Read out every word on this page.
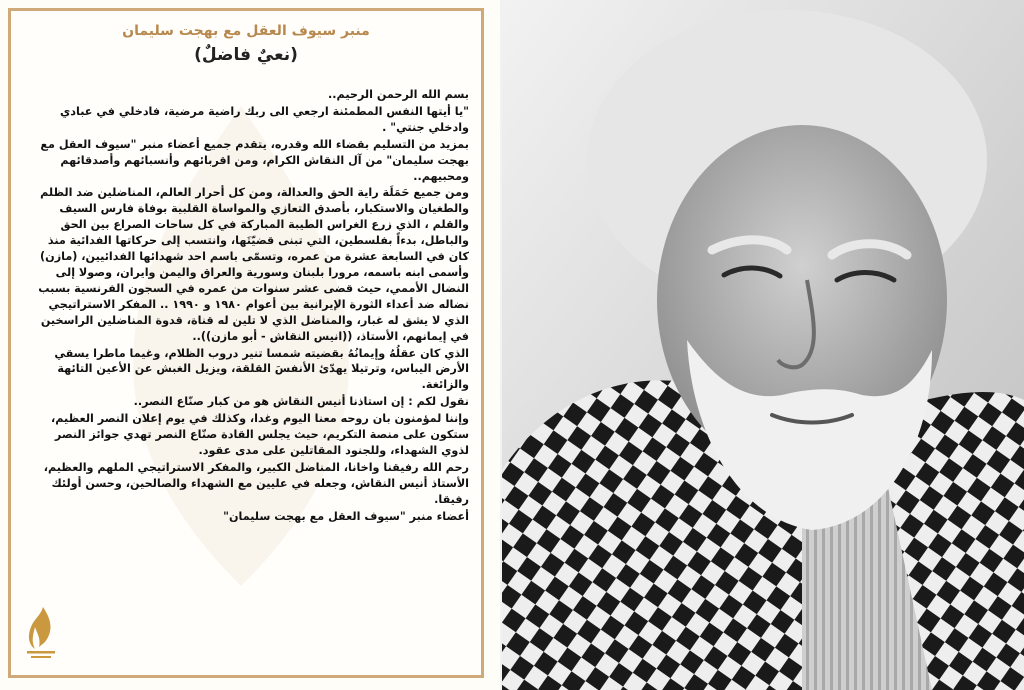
منبر سيوف العقل مع بهجت سليمان
(نعيٌ فاضلٌ)

بسم الله الرحمن الرحيم..

"يا أيتها النفس المطمئنة ارجعي الى ربك راضية مرضية، فادخلي في عبادي وادخلي جنتي" .

بمزيد من التسليم بقضاء الله وقدره، يتقدم جميع أعضاء منبر "سيوف العقل مع بهجت سليمان" من آل النقاش الكرام، ومن اقربائهم وأنسبائهم وأصدقائهم ومحبيهم..

ومن جميع حَمَلَة راية الحق والعدالة، ومن كل أحرار العالم، المناضلين ضد الظلم والطغيان والاستكبار، بأصدق التعازي والمواساة القلبية بوفاة فارس السيف والقلم ، الذي زرع الغراس الطيبة المباركة في كل ساحات الصراع بين الحق والباطل، بدءاً بفلسطين، التي تبنى قضيّتَها، وانتسب إلى حركاتها الفدائية منذ كان في السابعة عشرة من عمره، وتسمّى باسم احد شهدائها الفدائيين، (مازن) وأسمى ابنه باسمه، مرورا بلبنان وسورية والعراق واليمن وايران، وصولا إلى النضال الأممي، حيث قضى عشر سنوات من عمره في السجون الفرنسية بسبب نضاله ضد أعداء الثورة الإيرانية بين أعوام ١٩٨٠ و ١٩٩٠ .. المفكر الاستراتيجي الذي لا يشق له غبار، والمناضل الذي لا تلين له قناة، قدوة المناضلين الراسخين في إيمانهم، الأستاذ، ((انيس النقاش - أبو مازن))..

الذي كان عقلُهُ وإيمانُهُ بقضيته شمسا تنير دروب الظلام، وغيما ماطرا يسقي الأرض اليباس، وترتيلا يهدّئ الأنفسَ القلقة، ويزيل الغبش عن الأعين التائهة والزائغة.

نقول لكم : إن استاذنا أنيس النقاش هو من كبار صنّاع النصر..

وإننا لمؤمنون بان روحه معنا اليوم وغدا، وكذلك في يوم إعلان النصر العظيم، ستكون على منصة التكريم، حيث يجلس القادة صنّاع النصر تهدي جوائز النصر لذوي الشهداء، وللجنود المقاتلين على مدى عقود.

رحم الله رفيقنا واخانا، المناضل الكبير، والمفكر الاستراتيجي الملهم والعظيم، الأستاذ أنيس النقاش، وجعله في عليين مع الشهداء والصالحين، وحسن أولئك رفيقا.

أعضاء منبر "سيوف العقل مع بهجت سليمان"
